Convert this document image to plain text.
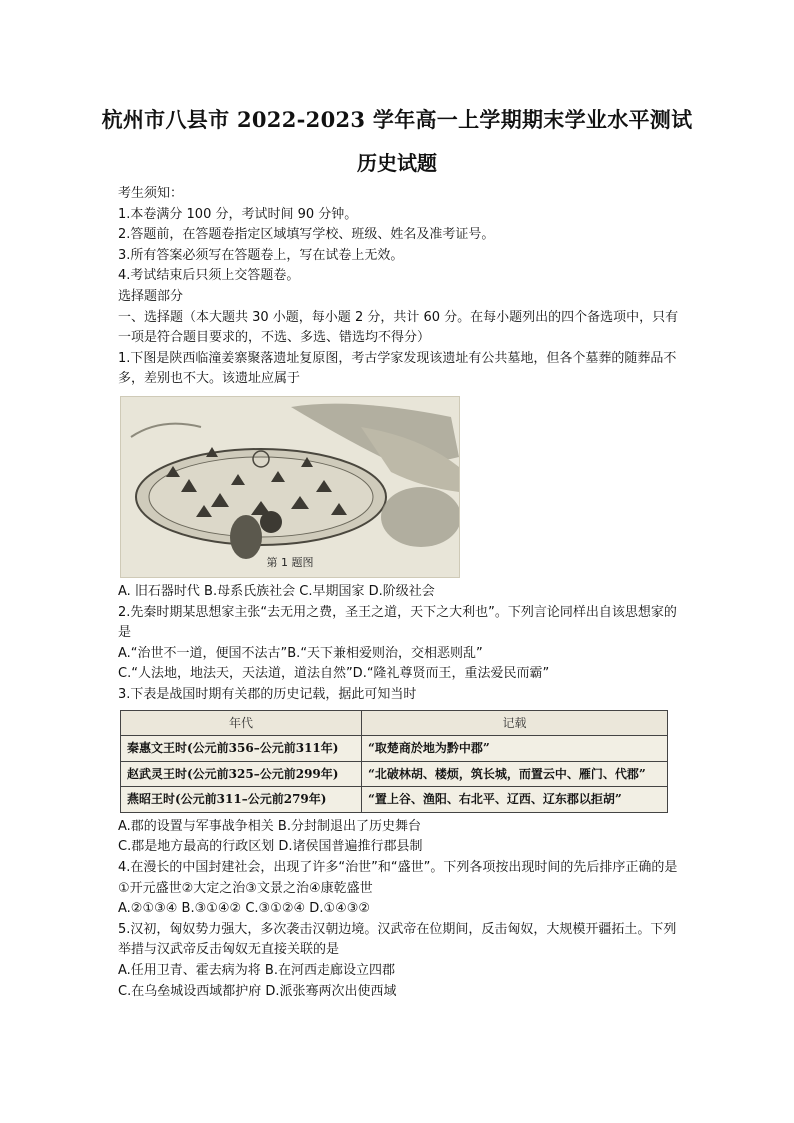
杭州市八县市 2022-2023 学年高一上学期期末学业水平测试
历史试题
考生须知：
1.本卷满分 100 分，考试时间 90 分钟。
2.答题前，在答题卷指定区域填写学校、班级、姓名及准考证号。
3.所有答案必须写在答题卷上，写在试卷上无效。
4.考试结束后只须上交答题卷。
选择题部分
一、选择题（本大题共 30 小题，每小题 2 分，共计 60 分。在每小题列出的四个备选项中，只有一项是符合题目要求的，不选、多选、错选均不得分）
1.下图是陕西临潼姜寨聚落遗址复原图，考古学家发现该遗址有公共墓地，但各个墓葬的随葬品不多，差别也不大。该遗址应属于
第 1 题图
A. 旧石器时代 B.母系氏族社会 C.早期国家 D.阶级社会
2.先秦时期某思想家主张“去无用之费，圣王之道，天下之大利也”。下列言论同样出自该思想家的是
A.“治世不一道，便国不法古”B.“天下兼相爱则治，交相恶则乱”
C.“人法地，地法天，天法道，道法自然”D.“隆礼尊贤而王，重法爱民而霸”
3.下表是战国时期有关郡的历史记载，据此可知当时
年代	记载
秦惠文王时(公元前356–公元前311年)	“取楚商於地为黔中郡”
赵武灵王时(公元前325–公元前299年)	“北破林胡、楼烦，筑长城，而置云中、雁门、代郡”
燕昭王时(公元前311–公元前279年)	“置上谷、渔阳、右北平、辽西、辽东郡以拒胡”
A.郡的设置与军事战争相关 B.分封制退出了历史舞台
C.郡是地方最高的行政区划 D.诸侯国普遍推行郡县制
4.在漫长的中国封建社会，出现了许多“治世”和“盛世”。下列各项按出现时间的先后排序正确的是
①开元盛世②大定之治③文景之治④康乾盛世
A.②①③④ B.③①④② C.③①②④ D.①④③②
5.汉初，匈奴势力强大，多次袭击汉朝边境。汉武帝在位期间，反击匈奴，大规模开疆拓土。下列举措与汉武帝反击匈奴无直接关联的是
A.任用卫青、霍去病为将 B.在河西走廊设立四郡
C.在乌垒城设西域都护府 D.派张骞两次出使西域
